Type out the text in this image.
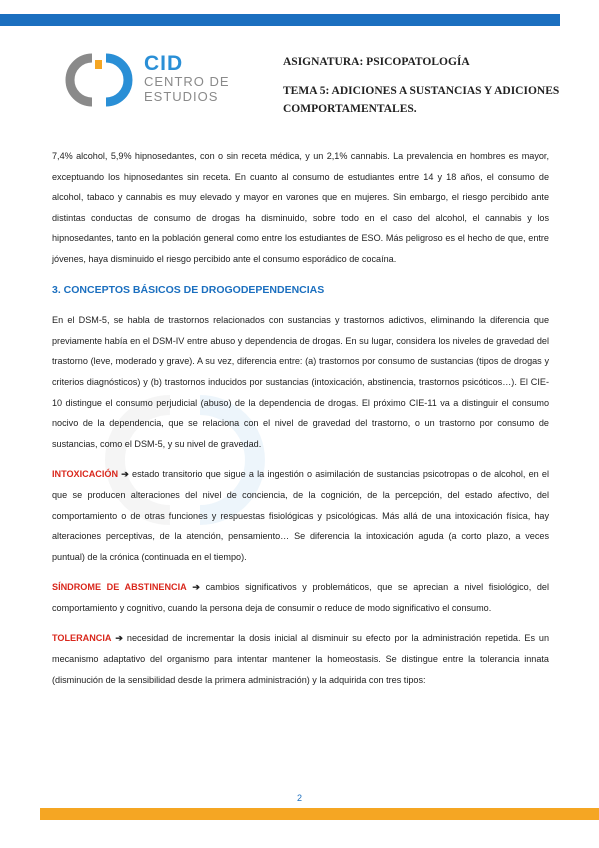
CID
CENTRO DE
ESTUDIOS
ASIGNATURA: PSICOPATOLOGÍA
TEMA 5: ADICIONES A SUSTANCIAS Y ADICIONES COMPORTAMENTALES.

7,4% alcohol, 5,9% hipnosedantes, con o sin receta médica, y un 2,1% cannabis. La prevalencia en hombres es mayor, exceptuando los hipnosedantes sin receta. En cuanto al consumo de estudiantes entre 14 y 18 años, el consumo de alcohol, tabaco y cannabis es muy elevado y mayor en varones que en mujeres. Sin embargo, el riesgo percibido ante distintas conductas de consumo de drogas ha disminuido, sobre todo en el caso del alcohol, el cannabis y los hipnosedantes, tanto en la población general como entre los estudiantes de ESO. Más peligroso es el hecho de que, entre jóvenes, haya disminuido el riesgo percibido ante el consumo esporádico de cocaína.

3. CONCEPTOS BÁSICOS DE DROGODEPENDENCIAS

En el DSM-5, se habla de trastornos relacionados con sustancias y trastornos adictivos, eliminando la diferencia que previamente había en el DSM-IV entre abuso y dependencia de drogas. En su lugar, considera los niveles de gravedad del trastorno (leve, moderado y grave). A su vez, diferencia entre: (a) trastornos por consumo de sustancias (tipos de drogas y criterios diagnósticos) y (b) trastornos inducidos por sustancias (intoxicación, abstinencia, trastornos psicóticos…). El CIE-10 distingue el consumo perjudicial (abuso) de la dependencia de drogas. El próximo CIE-11 va a distinguir el consumo nocivo de la dependencia, que se relaciona con el nivel de gravedad del trastorno, o un trastorno por consumo de sustancias, como el DSM-5, y su nivel de gravedad.

INTOXICACIÓN ➔ estado transitorio que sigue a la ingestión o asimilación de sustancias psicotropas o de alcohol, en el que se producen alteraciones del nivel de conciencia, de la cognición, de la percepción, del estado afectivo, del comportamiento o de otras funciones y respuestas fisiológicas y psicológicas. Más allá de una intoxicación física, hay alteraciones perceptivas, de la atención, pensamiento… Se diferencia la intoxicación aguda (a corto plazo, a veces puntual) de la crónica (continuada en el tiempo).

SÍNDROME DE ABSTINENCIA ➔ cambios significativos y problemáticos, que se aprecian a nivel fisiológico, del comportamiento y cognitivo, cuando la persona deja de consumir o reduce de modo significativo el consumo.

TOLERANCIA ➔ necesidad de incrementar la dosis inicial al disminuir su efecto por la administración repetida. Es un mecanismo adaptativo del organismo para intentar mantener la homeostasis. Se distingue entre la tolerancia innata (disminución de la sensibilidad desde la primera administración) y la adquirida con tres tipos:

2
